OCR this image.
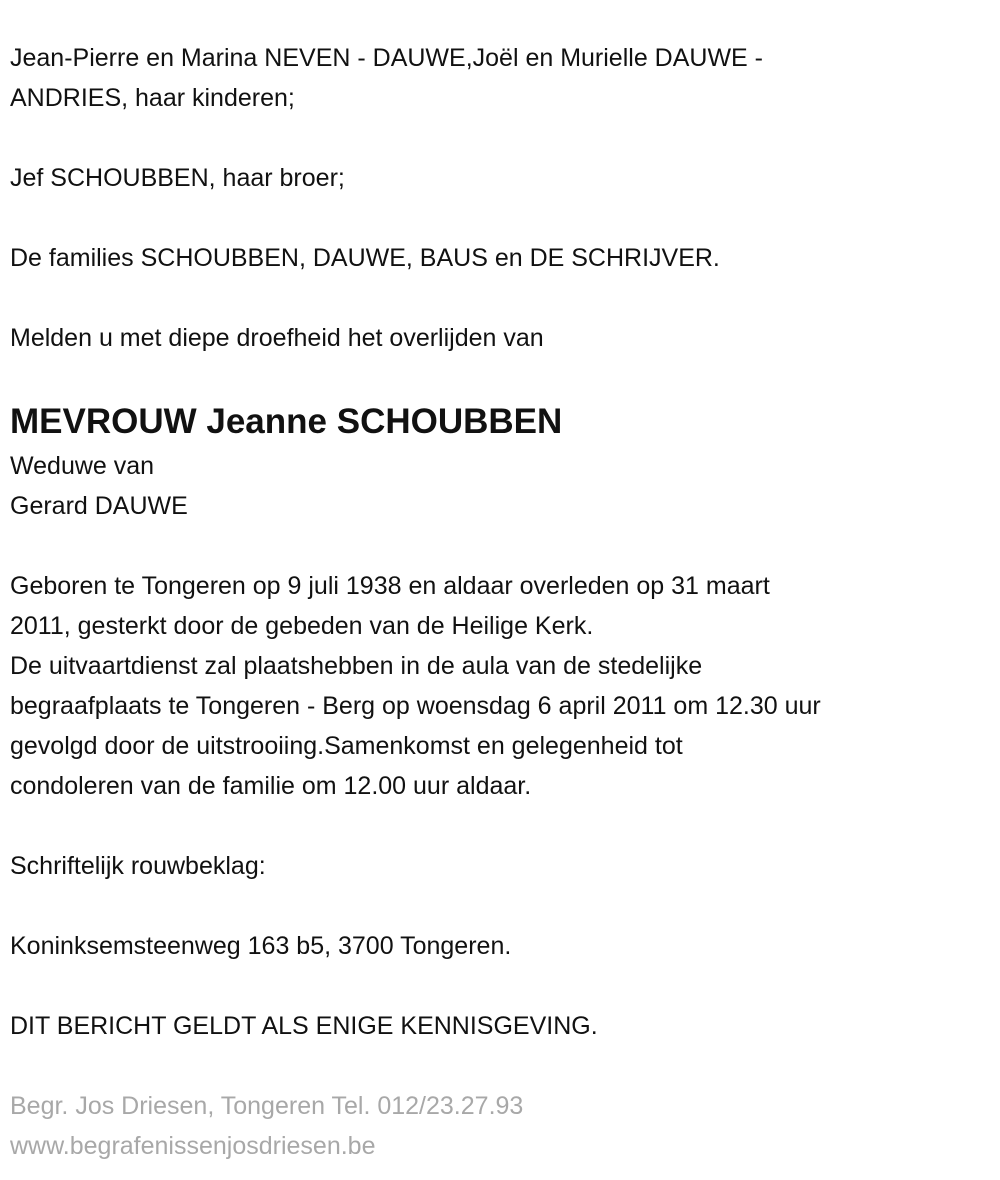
Jean-Pierre en Marina NEVEN - DAUWE,Joël en Murielle DAUWE -
ANDRIES, haar kinderen;
Jef SCHOUBBEN, haar broer;
De families SCHOUBBEN, DAUWE, BAUS en DE SCHRIJVER.
Melden u met diepe droefheid het overlijden van
MEVROUW Jeanne SCHOUBBEN
Weduwe van
Gerard DAUWE
Geboren te Tongeren op 9 juli 1938 en aldaar overleden op 31 maart
2011, gesterkt door de gebeden van de Heilige Kerk.
De uitvaartdienst zal plaatshebben in de aula van de stedelijke
begraafplaats te Tongeren - Berg op woensdag 6 april 2011 om 12.30 uur
gevolgd door de uitstrooiing.Samenkomst en gelegenheid tot
condoleren van de familie om 12.00 uur aldaar.
Schriftelijk rouwbeklag:
Koninksemsteenweg 163 b5, 3700 Tongeren.
DIT BERICHT GELDT ALS ENIGE KENNISGEVING.
Begr. Jos Driesen, Tongeren Tel. 012/23.27.93
www.begrafenissenjosdriesen.be
